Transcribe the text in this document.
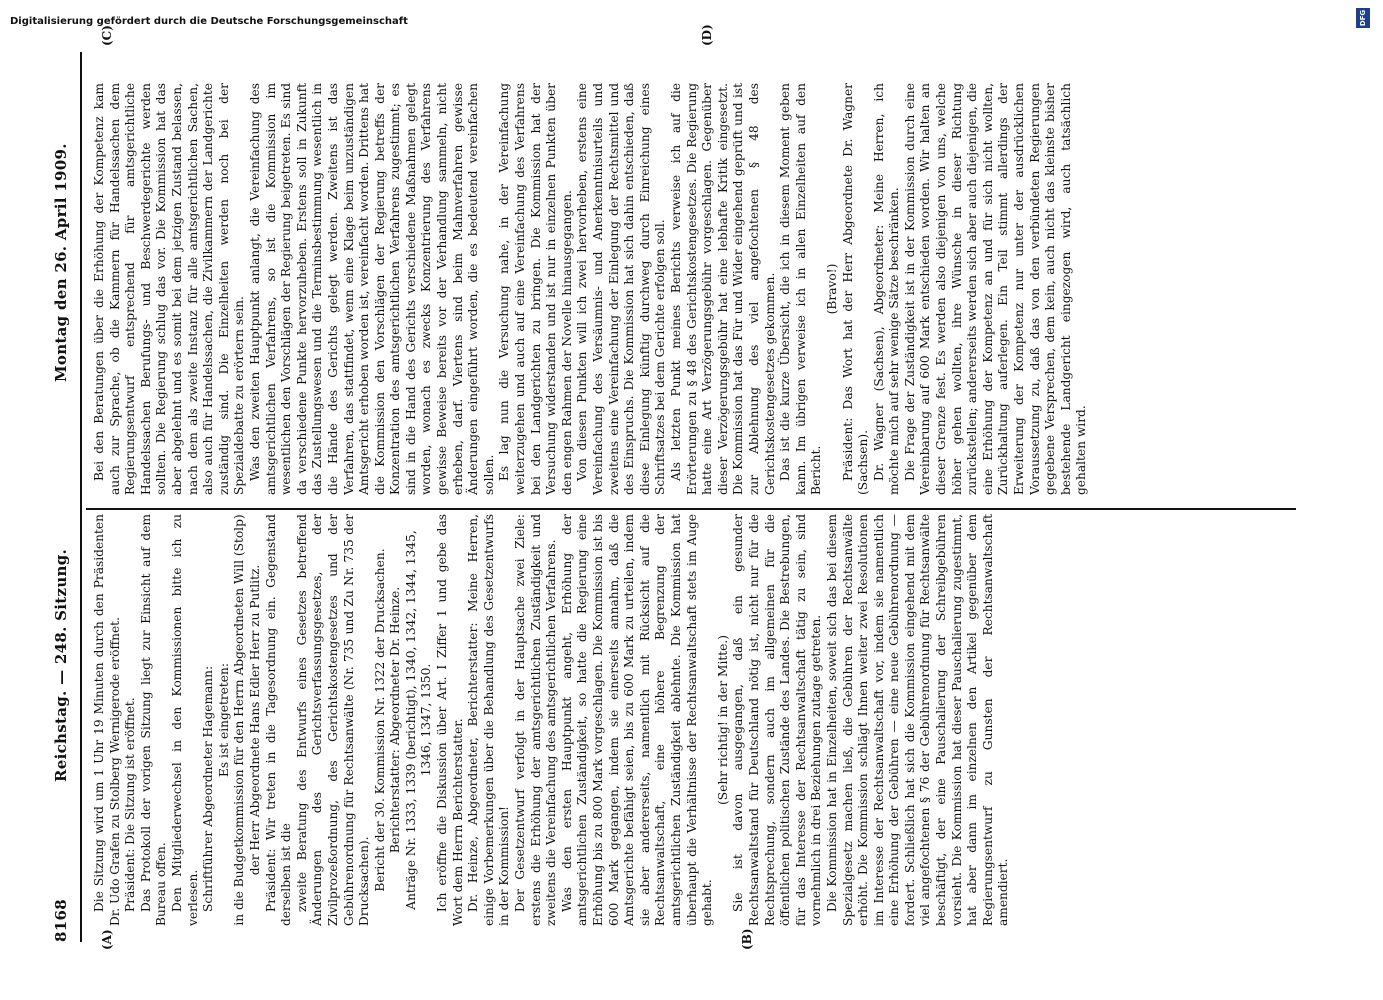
8168
Reichstag. — 248. Sitzung.
Montag den 26. April 1909.
(A)	(B)
(C)	(D)

Die Sitzung wird um 1 Uhr 19 Minuten durch den Präsidenten Dr. Udo Grafen zu Stolberg Wernigerode eröffnet. Präsident: Die Sitzung ist eröffnet. Das Protokoll der vorigen Sitzung liegt zur Einsicht auf dem Bureau offen. Den Mitgliederwechsel in den Kommissionen bitte ich zu verlesen. Schriftführer Abgeordneter Hagemann: Es ist eingetreten: in die Budgetkommission für den Herrn Abgeordneten Will (Stolp) der Herr Abgeordnete Hans Edler Herr zu Putlitz. Präsident: Wir treten in die Tagesordnung ein. Gegenstand derselben ist die zweite Beratung des Entwurfs eines Gesetzes betreffend Änderungen des Gerichtsverfassungsgesetzes, der Zivilprozeßordnung, des Gerichtskostengesetzes und der Gebührenordnung für Rechtsanwälte (Nr. 735 und Zu Nr. 735 der Drucksachen). Bericht der 30. Kommission Nr. 1322 der Drucksachen. Berichterstatter: Abgeordneter Dr. Heinze. Anträge Nr. 1333, 1339 (berichtigt), 1340, 1342, 1344, 1345, 1346, 1347, 1350. Ich eröffne die Diskussion über Art. I Ziffer 1 und gebe das Wort dem Herrn Berichterstatter. Dr. Heinze, Abgeordneter, Berichterstatter: Meine Herren, einige Vorbemerkungen über die Behandlung des Gesetzentwurfs in der Kommission! Der Gesetzentwurf verfolgt in der Hauptsache zwei Ziele: erstens die Erhöhung der amtsgerichtlichen Zuständigkeit und zweitens die Vereinfachung des amtsgerichtlichen Verfahrens. Was den ersten Hauptpunkt angeht, Erhöhung der amtsgerichtlichen Zuständigkeit, so hatte die Regierung eine Erhöhung bis zu 800 Mark vorgeschlagen. Die Kommission ist bis 600 Mark gegangen, indem sie einerseits annahm, daß die Amtsgerichte befähigt seien, bis zu 600 Mark zu urteilen, indem sie aber andererseits, namentlich mit Rücksicht auf die Rechtsanwaltschaft, eine höhere Begrenzung der amtsgerichtlichen Zuständigkeit ablehnte. Die Kommission hat überhaupt die Verhältnisse der Rechtsanwaltschaft stets im Auge gehabt.

(Sehr richtig! in der Mitte.) Sie ist davon ausgegangen, daß ein gesunder Rechtsanwaltstand für Deutschland nötig ist, nicht nur für die Rechtsprechung, sondern auch im allgemeinen für die öffentlichen politischen Zustände des Landes. Die Bestrebungen, für das Interesse der Rechtsanwaltschaft tätig zu sein, sind vornehmlich in drei Beziehungen zutage getreten. Die Kommission hat in Einzelheiten, soweit sich das bei diesem Spezialgesetz machen ließ, die Gebühren der Rechtsanwälte erhöht. Die Kommission schlägt Ihnen weiter zwei Resolutionen im Interesse der Rechtsanwaltschaft vor, indem sie namentlich eine Erhöhung der Gebühren — eine neue Gebührenordnung — fordert. Schließlich hat sich die Kommission eingehend mit dem viel angefochtenen § 76 der Gebührenordnung für Rechtsanwälte beschäftigt, der eine Pauschalierung der Schreibgebühren vorsieht. Die Kommission hat dieser Pauschalierung zugestimmt, hat aber dann im einzelnen den Artikel gegenüber dem Regierungsentwurf zu Gunsten der Rechtsanwaltschaft amendiert.

Bei den Beratungen über die Erhöhung der Kompetenz kam auch zur Sprache, ob die Kammern für Handelssachen dem Regierungsentwurf entsprechend für amtsgerichtliche Handelssachen Berufungs- und Beschwerdegerichte werden sollten. Die Regierung schlug das vor. Die Kommission hat das aber abgelehnt und es somit bei dem jetzigen Zustand belassen, nach dem als zweite Instanz für alle amtsgerichtlichen Sachen, also auch für Handelssachen, die Zivilkammern der Landgerichte zuständig sind. Die Einzelheiten werden noch bei der Spezialdebatte zu erörtern sein. Was den zweiten Hauptpunkt anlangt, die Vereinfachung des amtsgerichtlichen Verfahrens, so ist die Kommission im wesentlichen den Vorschlägen der Regierung beigetreten. Es sind da verschiedene Punkte hervorzuheben. Erstens soll in Zukunft das Zustellungswesen und die Terminsbestimmung wesentlich in die Hände des Gerichts gelegt werden. Zweitens ist das Verfahren, das stattfindet, wenn eine Klage beim unzuständigen Amtsgericht erhoben worden ist, vereinfacht worden. Drittens hat die Kommission den Vorschlägen der Regierung betreffs der Konzentration des amtsgerichtlichen Verfahrens zugestimmt; es sind in die Hand des Gerichts verschiedene Maßnahmen gelegt worden, wonach es zwecks Konzentrierung des Verfahrens gewisse Beweise bereits vor der Verhandlung sammeln, nicht erheben, darf. Viertens sind beim Mahnverfahren gewisse Änderungen eingeführt worden, die es bedeutend vereinfachen sollen. Es lag nun die Versuchung nahe, in der Vereinfachung weiterzugehen und auch auf eine Vereinfachung des Verfahrens bei den Landgerichten zu bringen. Die Kommission hat der Versuchung widerstanden und ist nur in einzelnen Punkten über den engen Rahmen der Novelle hinausgegangen. Von diesen Punkten will ich zwei hervorheben, erstens eine Vereinfachung des Versäumnis- und Anerkenntnisurteils und zweitens eine Vereinfachung der Einlegung der Rechtsmittel und des Einspruchs. Die Kommission hat sich dahin entschieden, daß diese Einlegung künftig durchweg durch Einreichung eines Schriftsatzes bei dem Gerichte erfolgen soll. Als letzten Punkt meines Berichts verweise ich auf die Erörterungen zu § 48 des Gerichtskostengesetzes. Die Regierung hatte eine Art Verzögerungsgebühr vorgeschlagen. Gegenüber dieser Verzögerungsgebühr hat eine lebhafte Kritik eingesetzt. Die Kommission hat das Für und Wider eingehend geprüft und ist zur Ablehnung des viel angefochtenen § 48 des Gerichtskostengesetzes gekommen. Das ist die kurze Übersicht, die ich in diesem Moment geben kann. Im übrigen verweise ich in allen Einzelheiten auf den Bericht.

(Bravo!) Präsident: Das Wort hat der Herr Abgeordnete Dr. Wagner (Sachsen). Dr. Wagner (Sachsen), Abgeordneter: Meine Herren, ich möchte mich auf sehr wenige Sätze beschränken. Die Frage der Zuständigkeit ist in der Kommission durch eine Vereinbarung auf 600 Mark entschieden worden. Wir halten an dieser Grenze fest. Es werden also diejenigen von uns, welche höher gehen wollten, ihre Wünsche in dieser Richtung zurückstellen; andererseits werden sich aber auch diejenigen, die eine Erhöhung der Kompetenz an und für sich nicht wollten, Zurückhaltung auferlegen. Ein Teil stimmt allerdings der Erweiterung der Kompetenz nur unter der ausdrücklichen Voraussetzung zu, daß das von den verbündeten Regierungen gegebene Versprechen, dem kein, auch nicht das kleinste bisher bestehende Landgericht eingezogen wird, auch tatsächlich gehalten wird.

Digitalisierung gefördert durch die Deutsche Forschungsgemeinschaft	DFG
